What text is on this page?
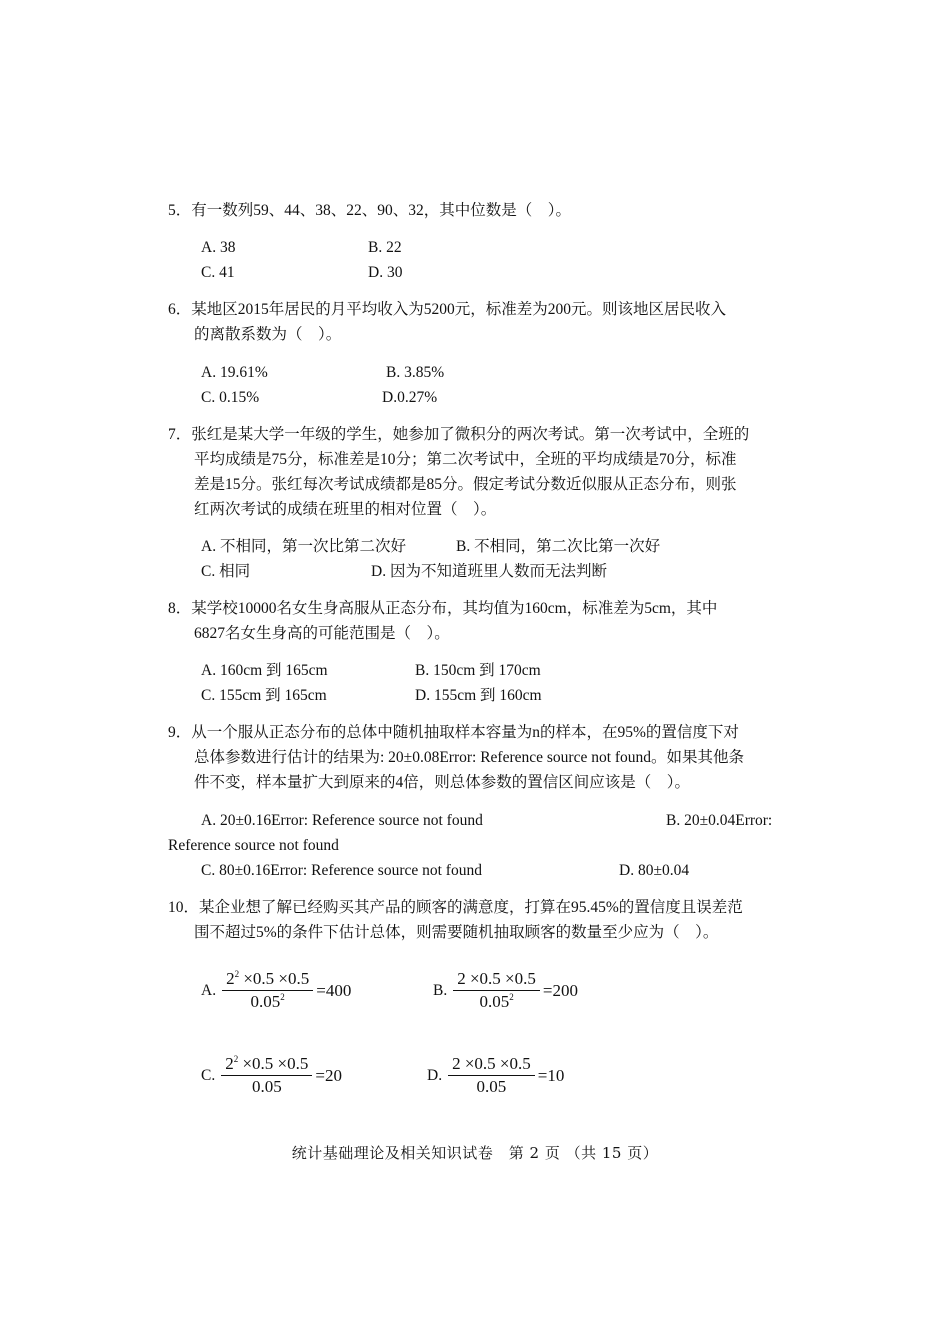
5．有一数列59、44、38、22、90、32，其中位数是（　）。
A. 38	B. 22
C. 41	D. 30
6．某地区2015年居民的月平均收入为5200元，标准差为200元。则该地区居民收入
的离散系数为（　）。
A. 19.61%	B. 3.85%
C. 0.15%	D.0.27%
7．张红是某大学一年级的学生，她参加了微积分的两次考试。第一次考试中，全班的
平均成绩是75分，标准差是10分；第二次考试中，全班的平均成绩是70分，标准
差是15分。张红每次考试成绩都是85分。假定考试分数近似服从正态分布，则张
红两次考试的成绩在班里的相对位置（　）。
A. 不相同，第一次比第二次好	B. 不相同，第二次比第一次好
C. 相同	D. 因为不知道班里人数而无法判断
8．某学校10000名女生身高服从正态分布，其均值为160cm，标准差为5cm，其中
6827名女生身高的可能范围是（　）。
A. 160cm 到 165cm	B. 150cm 到 170cm
C. 155cm 到 165cm	D. 155cm 到 160cm
9．从一个服从正态分布的总体中随机抽取样本容量为n的样本，在95%的置信度下对
总体参数进行估计的结果为: 20±0.08Error: Reference source not found。如果其他条
件不变，样本量扩大到原来的4倍，则总体参数的置信区间应该是（　）。
A. 20±0.16Error: Reference source not found	B. 20±0.04Error:
Reference source not found
C. 80±0.16Error: Reference source not found	D. 80±0.04
10．某企业想了解已经购买其产品的顾客的满意度，打算在95.45%的置信度且误差范
围不超过5%的条件下估计总体，则需要随机抽取顾客的数量至少应为（　）。
A. $\frac{2^2 \times 0.5 \times 0.5}{0.05^2} =400$	B. $\frac{2 \times 0.5 \times 0.5}{0.05^2} =200$
C. $\frac{2^2 \times 0.5 \times 0.5}{0.05} =20$	D. $\frac{2 \times 0.5 \times 0.5}{0.05} =10$
统计基础理论及相关知识试卷　第 2 页 （共 15 页）
